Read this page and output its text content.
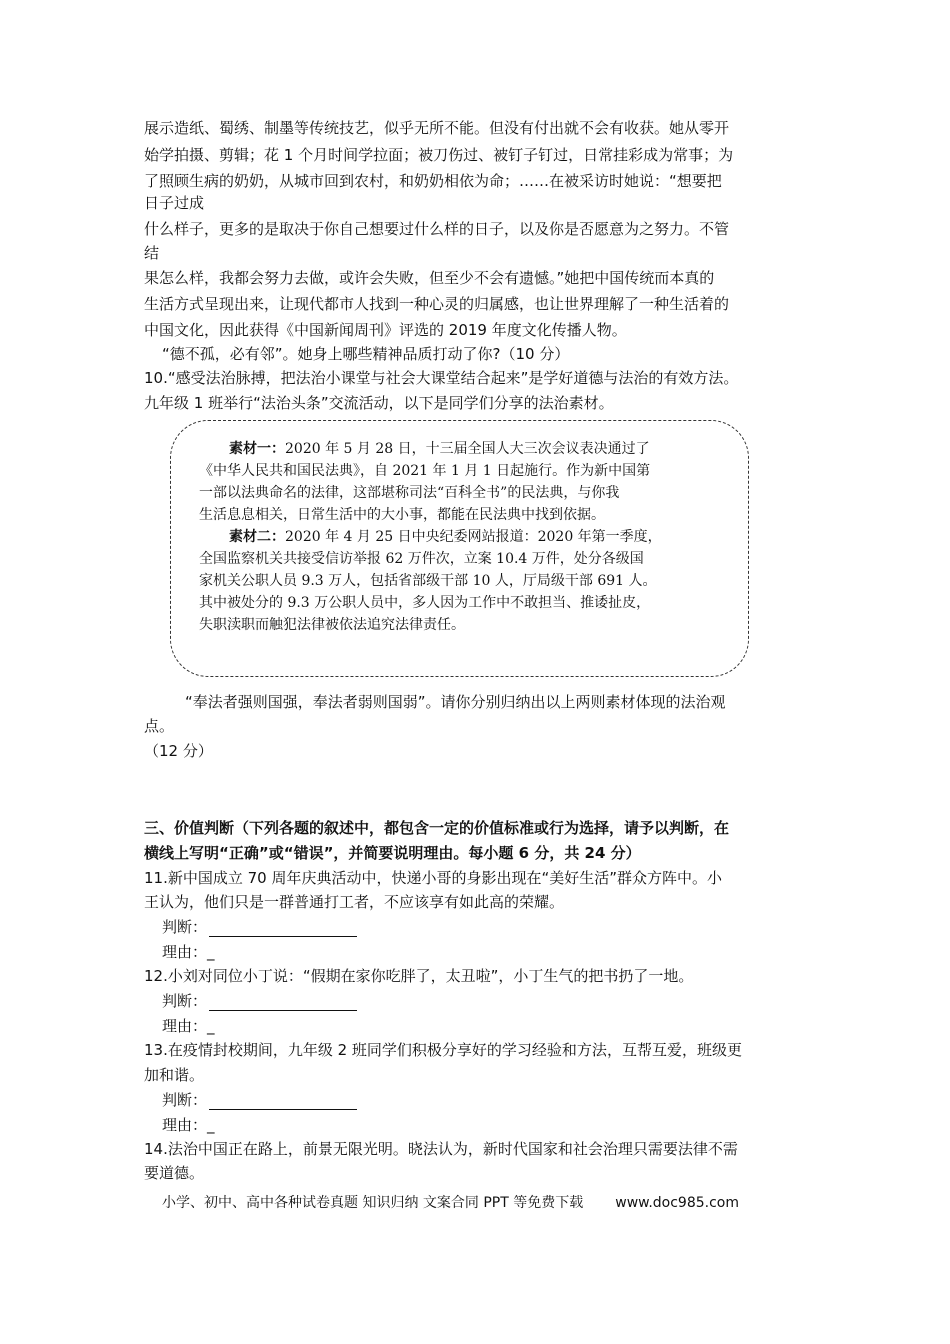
展示造纸、蜀绣、制墨等传统技艺，似乎无所不能。但没有付出就不会有收获。她从零开
始学拍摄、剪辑；花 1 个月时间学拉面；被刀伤过、被钉子钉过，日常挂彩成为常事；为
了照顾生病的奶奶，从城市回到农村，和奶奶相依为命；……在被采访时她说：“想要把
日子过成
什么样子，更多的是取决于你自己想要过什么样的日子，以及你是否愿意为之努力。不管
结
果怎么样，我都会努力去做，或许会失败，但至少不会有遗憾。”她把中国传统而本真的
生活方式呈现出来，让现代都市人找到一种心灵的归属感，也让世界理解了一种生活着的
中国文化，因此获得《中国新闻周刊》评选的 2019 年度文化传播人物。
“德不孤，必有邻”。她身上哪些精神品质打动了你?（10 分）
10.“感受法治脉搏，把法治小课堂与社会大课堂结合起来”是学好道德与法治的有效方法。
九年级 1 班举行“法治头条”交流活动，以下是同学们分享的法治素材。
素材一：2020 年 5 月 28 日，十三届全国人大三次会议表决通过了
《中华人民共和国民法典》，自 2021 年 1 月 1 日起施行。作为新中国第
一部以法典命名的法律，这部堪称司法“百科全书”的民法典，与你我
生活息息相关，日常生活中的大小事，都能在民法典中找到依据。
素材二：2020 年 4 月 25 日中央纪委网站报道：2020 年第一季度，
全国监察机关共接受信访举报 62 万件次，立案 10.4 万件，处分各级国
家机关公职人员 9.3 万人，包括省部级干部 10 人，厅局级干部 691 人。
其中被处分的 9.3 万公职人员中，多人因为工作中不敢担当、推诿扯皮，
失职渎职而触犯法律被依法追究法律责任。
“奉法者强则国强，奉法者弱则国弱”。请你分别归纳出以上两则素材体现的法治观
点。
（12 分）
三、价值判断（下列各题的叙述中，都包含一定的价值标准或行为选择，请予以判断，在
横线上写明“正确”或“错误”，并简要说明理由。每小题 6 分，共 24 分）
11.新中国成立 70 周年庆典活动中，快递小哥的身影出现在“美好生活”群众方阵中。小
王认为，他们只是一群普通打工者，不应该享有如此高的荣耀。
判断：
理由：_
12.小刘对同位小丁说：“假期在家你吃胖了，太丑啦”，小丁生气的把书扔了一地。
判断：
理由：_
13.在疫情封校期间，九年级 2 班同学们积极分享好的学习经验和方法，互帮互爱，班级更
加和谐。
判断：
理由：_
14.法治中国正在路上，前景无限光明。晓法认为，新时代国家和社会治理只需要法律不需
要道德。
小学、初中、高中各种试卷真题 知识归纳 文案合同 PPT 等免费下载 www.doc985.com
